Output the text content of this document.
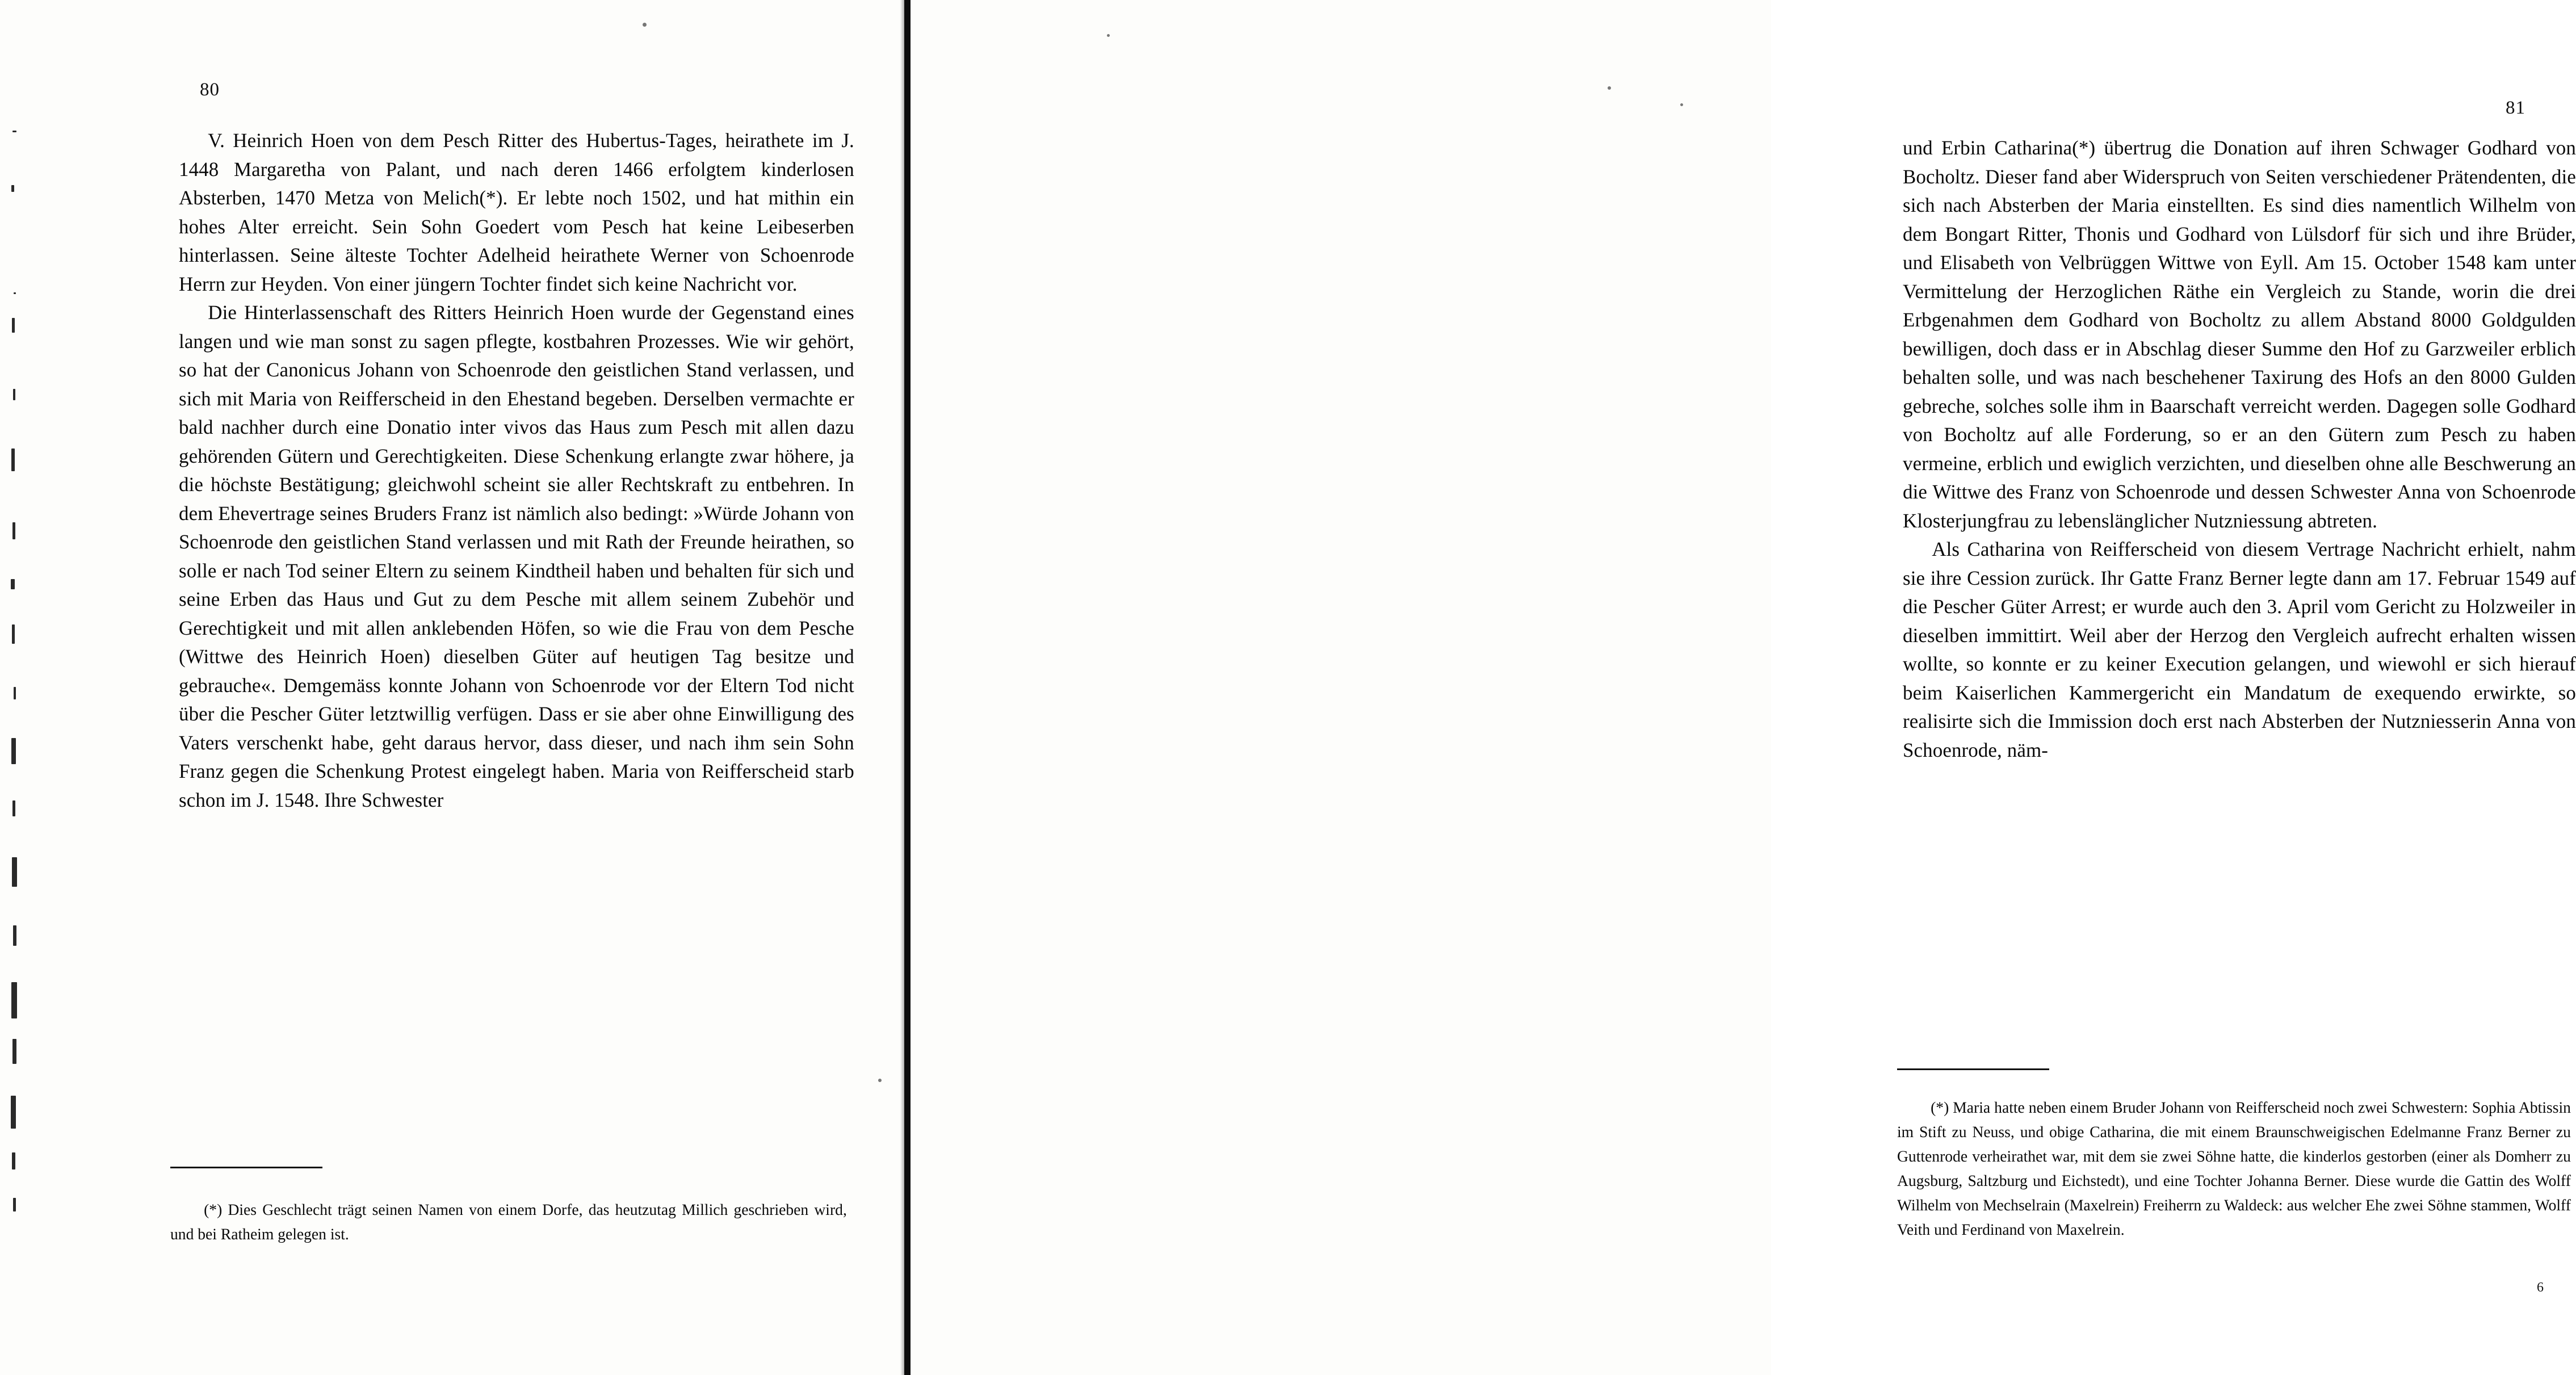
80

V. Heinrich Hoen von dem Pesch Ritter des Hubertus-Tages, heirathete im J. 1448 Margaretha von Palant, und nach deren 1466 erfolgtem kinderlosen Absterben, 1470 Metza von Melich(*). Er lebte noch 1502, und hat mithin ein hohes Alter erreicht. Sein Sohn Goedert vom Pesch hat keine Leibeserben hinterlassen. Seine älteste Tochter Adelheid heirathete Werner von Schoenrode Herrn zur Heyden. Von einer jüngern Tochter findet sich keine Nachricht vor.

Die Hinterlassenschaft des Ritters Heinrich Hoen wurde der Gegenstand eines langen und wie man sonst zu sagen pflegte, kostbahren Prozesses. Wie wir gehört, so hat der Canonicus Johann von Schoenrode den geistlichen Stand verlassen, und sich mit Maria von Reifferscheid in den Ehestand begeben. Derselben vermachte er bald nachher durch eine Donatio inter vivos das Haus zum Pesch mit allen dazu gehörenden Gütern und Gerechtigkeiten. Diese Schenkung erlangte zwar höhere, ja die höchste Bestätigung; gleichwohl scheint sie aller Rechtskraft zu entbehren. In dem Ehevertrage seines Bruders Franz ist nämlich also bedingt: »Würde Johann von Schoenrode den geistlichen Stand verlassen und mit Rath der Freunde heirathen, so solle er nach Tod seiner Eltern zu seinem Kindtheil haben und behalten für sich und seine Erben das Haus und Gut zu dem Pesche mit allem seinem Zubehör und Gerechtigkeit und mit allen anklebenden Höfen, so wie die Frau von dem Pesche (Wittwe des Heinrich Hoen) dieselben Güter auf heutigen Tag besitze und gebrauche«. Demgemäss konnte Johann von Schoenrode vor der Eltern Tod nicht über die Pescher Güter letztwillig verfügen. Dass er sie aber ohne Einwilligung des Vaters verschenkt habe, geht daraus hervor, dass dieser, und nach ihm sein Sohn Franz gegen die Schenkung Protest eingelegt haben. Maria von Reifferscheid starb schon im J. 1548. Ihre Schwester

(*) Dies Geschlecht trägt seinen Namen von einem Dorfe, das heutzutag Millich geschrieben wird, und bei Ratheim gelegen ist.

81

und Erbin Catharina(*) übertrug die Donation auf ihren Schwager Godhard von Bocholtz. Dieser fand aber Widerspruch von Seiten verschiedener Prätendenten, die sich nach Absterben der Maria einstellten. Es sind dies namentlich Wilhelm von dem Bongart Ritter, Thonis und Godhard von Lülsdorf für sich und ihre Brüder, und Elisabeth von Velbrüggen Wittwe von Eyll. Am 15. October 1548 kam unter Vermittelung der Herzoglichen Räthe ein Vergleich zu Stande, worin die drei Erbgenahmen dem Godhard von Bocholtz zu allem Abstand 8000 Goldgulden bewilligen, doch dass er in Abschlag dieser Summe den Hof zu Garzweiler erblich behalten solle, und was nach beschehener Taxirung des Hofs an den 8000 Gulden gebreche, solches solle ihm in Baarschaft verreicht werden. Dagegen solle Godhard von Bocholtz auf alle Forderung, so er an den Gütern zum Pesch zu haben vermeine, erblich und ewiglich verzichten, und dieselben ohne alle Beschwerung an die Wittwe des Franz von Schoenrode und dessen Schwester Anna von Schoenrode Klosterjungfrau zu lebenslänglicher Nutzniessung abtreten.

Als Catharina von Reifferscheid von diesem Vertrage Nachricht erhielt, nahm sie ihre Cession zurück. Ihr Gatte Franz Berner legte dann am 17. Februar 1549 auf die Pescher Güter Arrest; er wurde auch den 3. April vom Gericht zu Holzweiler in dieselben immittirt. Weil aber der Herzog den Vergleich aufrecht erhalten wissen wollte, so konnte er zu keiner Execution gelangen, und wiewohl er sich hierauf beim Kaiserlichen Kammergericht ein Mandatum de exequendo erwirkte, so realisirte sich die Immission doch erst nach Absterben der Nutzniesserin Anna von Schoenrode, näm-

(*) Maria hatte neben einem Bruder Johann von Reifferscheid noch zwei Schwestern: Sophia Abtissin im Stift zu Neuss, und obige Catharina, die mit einem Braunschweigischen Edelmanne Franz Berner zu Guttenrode verheirathet war, mit dem sie zwei Söhne hatte, die kinderlos gestorben (einer als Domherr zu Augsburg, Saltzburg und Eichstedt), und eine Tochter Johanna Berner. Diese wurde die Gattin des Wolff Wilhelm von Mechselrain (Maxelrein) Freiherrn zu Waldeck: aus welcher Ehe zwei Söhne stammen, Wolff Veith und Ferdinand von Maxelrein.

6
